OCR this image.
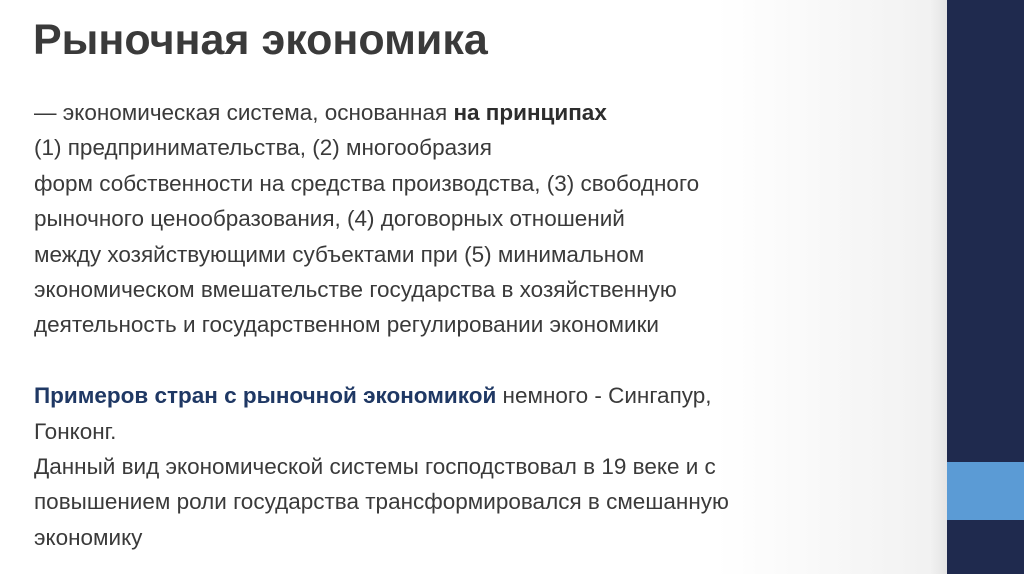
Рыночная экономика
— экономическая система, основанная на принципах
(1) предпринимательства, (2) многообразия
форм собственности на средства производства, (3) свободного
рыночного ценообразования, (4) договорных отношений
между хозяйствующими субъектами при (5) минимальном
экономическом вмешательстве государства в хозяйственную
деятельность и государственном регулировании экономики
Примеров стран с рыночной экономикой немного - Сингапур,
Гонконг.
Данный вид экономической системы господствовал в 19 веке и с
повышением роли государства трансформировался в смешанную
экономику
